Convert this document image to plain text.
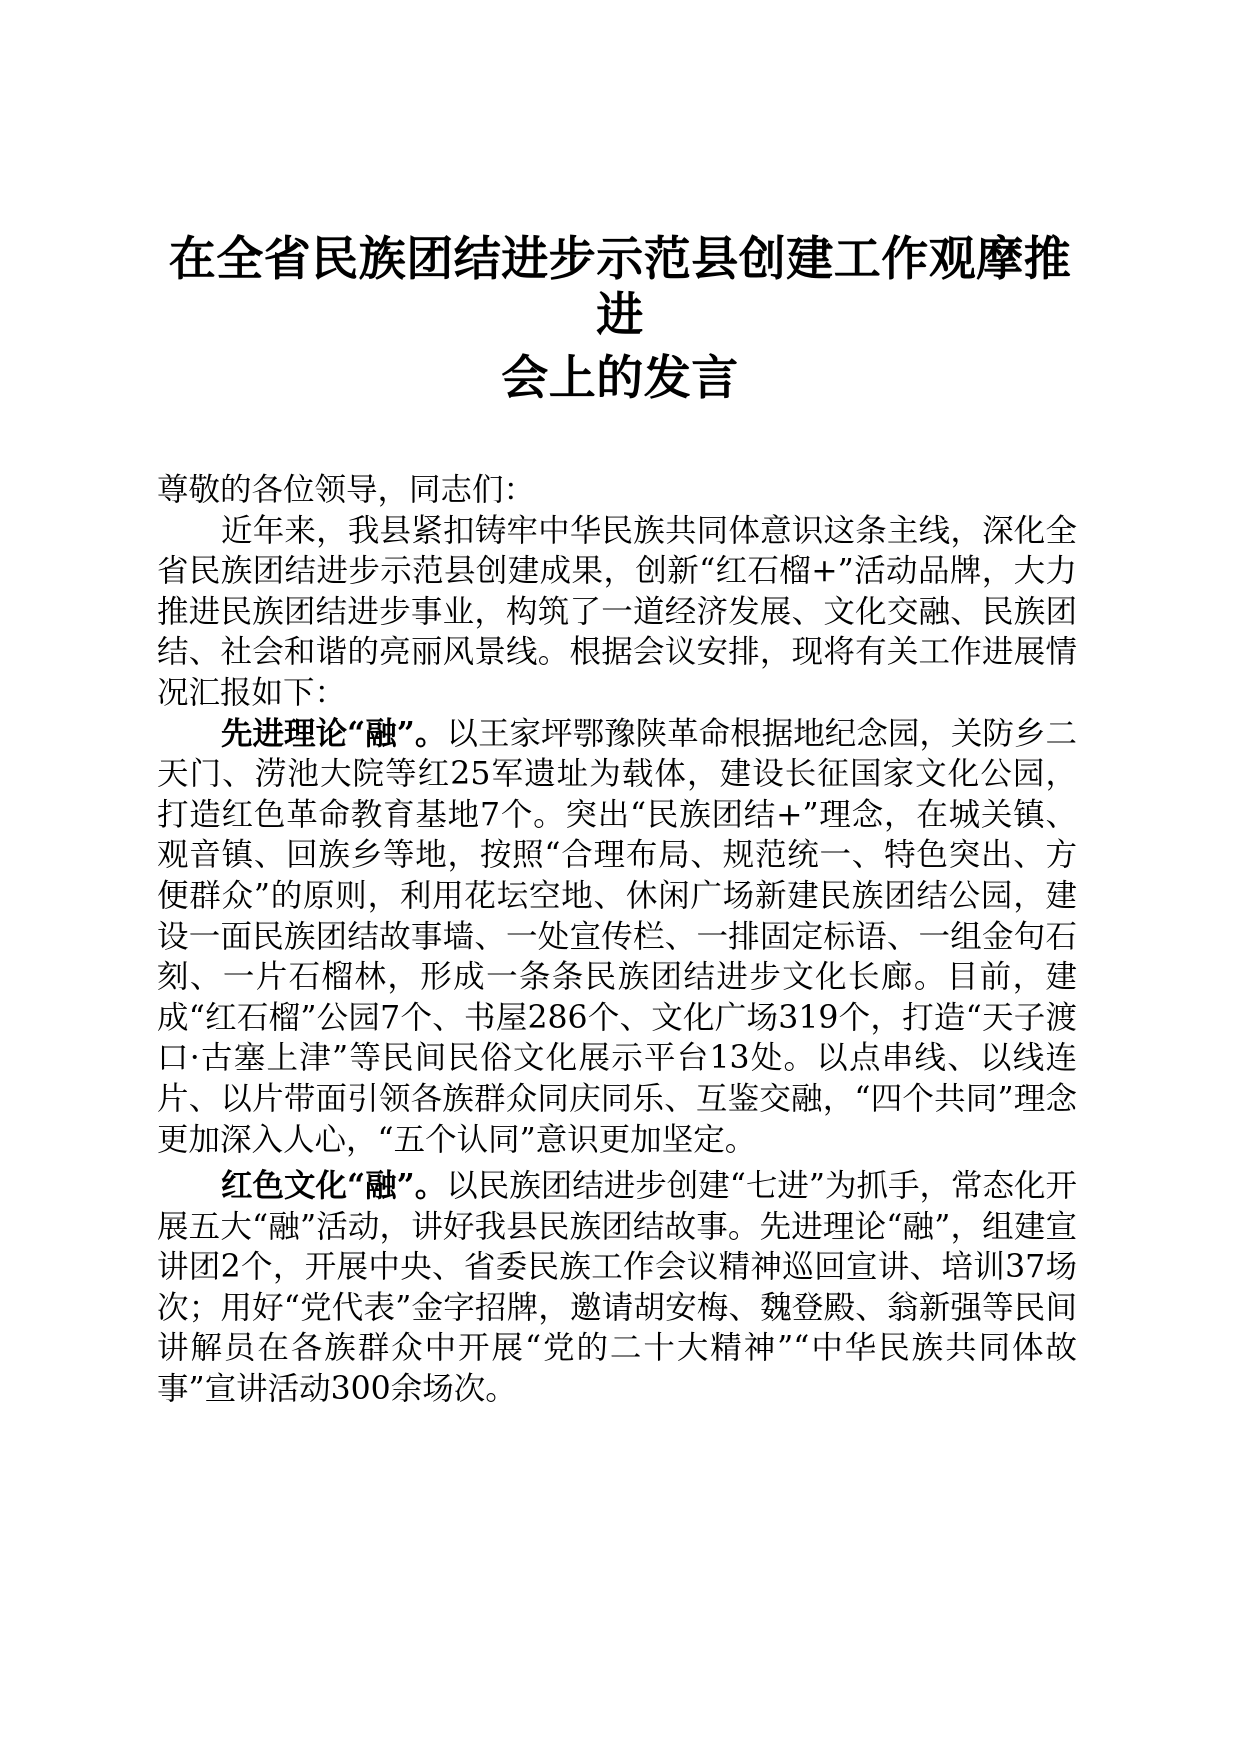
在全省民族团结进步示范县创建工作观摩推进
会上的发言

尊敬的各位领导，同志们：

近年来，我县紧扣铸牢中华民族共同体意识这条主线，深化全省民族团结进步示范县创建成果，创新“红石榴+”活动品牌，大力推进民族团结进步事业，构筑了一道经济发展、文化交融、民族团结、社会和谐的亮丽风景线。根据会议安排，现将有关工作进展情况汇报如下：

先进理论“融”。以王家坪鄂豫陕革命根据地纪念园，关防乡二天门、涝池大院等红25军遗址为载体，建设长征国家文化公园，打造红色革命教育基地7个。突出“民族团结+”理念，在城关镇、观音镇、回族乡等地，按照“合理布局、规范统一、特色突出、方便群众”的原则，利用花坛空地、休闲广场新建民族团结公园，建设一面民族团结故事墙、一处宣传栏、一排固定标语、一组金句石刻、一片石榴林，形成一条条民族团结进步文化长廊。目前，建成“红石榴”公园7个、书屋286个、文化广场319个，打造“天子渡口·古塞上津”等民间民俗文化展示平台13处。以点串线、以线连片、以片带面引领各族群众同庆同乐、互鉴交融，“四个共同”理念更加深入人心，“五个认同”意识更加坚定。

红色文化“融”。以民族团结进步创建“七进”为抓手，常态化开展五大“融”活动，讲好我县民族团结故事。先进理论“融”，组建宣讲团2个，开展中央、省委民族工作会议精神巡回宣讲、培训37场次；用好“党代表”金字招牌，邀请胡安梅、魏登殿、翁新强等民间讲解员在各族群众中开展“党的二十大精神”“中华民族共同体故事”宣讲活动300余场次。
